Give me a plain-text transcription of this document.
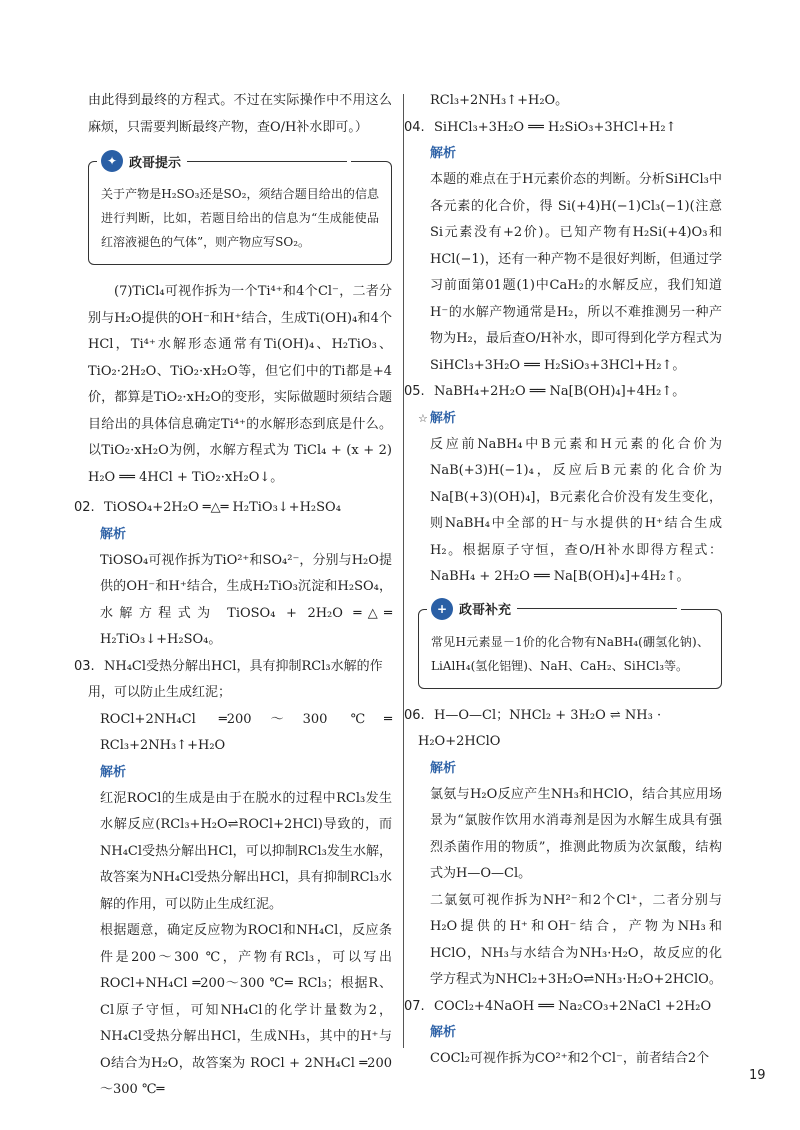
由此得到最终的方程式。不过在实际操作中不用这么麻烦，只需要判断最终产物，查O/H补水即可。）

✦ 政哥提示
关于产物是H₂SO₃还是SO₂，须结合题目给出的信息进行判断，比如，若题目给出的信息为“生成能使品红溶液褪色的气体”，则产物应写SO₂。

(7)TiCl₄可视作拆为一个Ti⁴⁺和4个Cl⁻，二者分别与H₂O提供的OH⁻和H⁺结合，生成Ti(OH)₄和4个HCl，Ti⁴⁺水解形态通常有Ti(OH)₄、H₂TiO₃、TiO₂·2H₂O、TiO₂·xH₂O等，但它们中的Ti都是+4价，都算是TiO₂·xH₂O的变形，实际做题时须结合题目给出的具体信息确定Ti⁴⁺的水解形态到底是什么。以TiO₂·xH₂O为例，水解方程式为 TiCl₄ + (x + 2) H₂O ══ 4HCl + TiO₂·xH₂O↓。

02. TiOSO₄+2H₂O ═△═ H₂TiO₃↓+H₂SO₄

解析

TiOSO₄可视作拆为TiO²⁺和SO₄²⁻，分别与H₂O提供的OH⁻和H⁺结合，生成H₂TiO₃沉淀和H₂SO₄，水解方程式为 TiOSO₄ + 2H₂O ═△═ H₂TiO₃↓+H₂SO₄。

03. NH₄Cl受热分解出HCl，具有抑制RCl₃水解的作用，可以防止生成红泥；

ROCl+2NH₄Cl ═200～300 ℃═ RCl₃+2NH₃↑+H₂O

解析

红泥ROCl的生成是由于在脱水的过程中RCl₃发生水解反应(RCl₃+H₂O⇌ROCl+2HCl)导致的，而NH₄Cl受热分解出HCl，可以抑制RCl₃发生水解，故答案为NH₄Cl受热分解出HCl，具有抑制RCl₃水解的作用，可以防止生成红泥。

根据题意，确定反应物为ROCl和NH₄Cl，反应条件是200～300 ℃，产物有RCl₃，可以写出ROCl+NH₄Cl ═200～300 ℃═ RCl₃；根据R、Cl原子守恒，可知NH₄Cl的化学计量数为2，NH₄Cl受热分解出HCl，生成NH₃，其中的H⁺与O结合为H₂O，故答案为 ROCl + 2NH₄Cl ═200～300 ℃═

RCl₃+2NH₃↑+H₂O。

04. SiHCl₃+3H₂O ══ H₂SiO₃+3HCl+H₂↑

解析

本题的难点在于H元素价态的判断。分析SiHCl₃中各元素的化合价，得 Si(+4)H(−1)Cl₃(−1)(注意Si元素没有+2价)。已知产物有H₂Si(+4)O₃和HCl(−1)，还有一种产物不是很好判断，但通过学习前面第01题(1)中CaH₂的水解反应，我们知道H⁻的水解产物通常是H₂，所以不难推测另一种产物为H₂，最后查O/H补水，即可得到化学方程式为SiHCl₃+3H₂O ══ H₂SiO₃+3HCl+H₂↑。

05. NaBH₄+2H₂O ══ Na[B(OH)₄]+4H₂↑。

☆ 解析

反应前NaBH₄中B元素和H元素的化合价为NaB(+3)H(−1)₄，反应后B元素的化合价为Na[B(+3)(OH)₄]，B元素化合价没有发生变化，则NaBH₄中全部的H⁻与水提供的H⁺结合生成H₂。根据原子守恒，查O/H补水即得方程式：NaBH₄ + 2H₂O ══ Na[B(OH)₄]+4H₂↑。

+ 政哥补充
常见H元素显－1价的化合物有NaBH₄(硼氢化钠)、LiAlH₄(氢化铝锂)、NaH、CaH₂、SiHCl₃等。

06. H—O—Cl；NHCl₂ + 3H₂O ⇌ NH₃ · H₂O+2HClO

解析

氯氨与H₂O反应产生NH₃和HClO，结合其应用场景为“氯胺作饮用水消毒剂是因为水解生成具有强烈杀菌作用的物质”，推测此物质为次氯酸，结构式为H—O—Cl。

二氯氨可视作拆为NH²⁻和2个Cl⁺，二者分别与H₂O提供的H⁺和OH⁻结合，产物为NH₃和HClO，NH₃与水结合为NH₃·H₂O，故反应的化学方程式为NHCl₂+3H₂O⇌NH₃·H₂O+2HClO。

07. COCl₂+4NaOH ══ Na₂CO₃+2NaCl +2H₂O

解析

COCl₂可视作拆为CO²⁺和2个Cl⁻，前者结合2个

19
